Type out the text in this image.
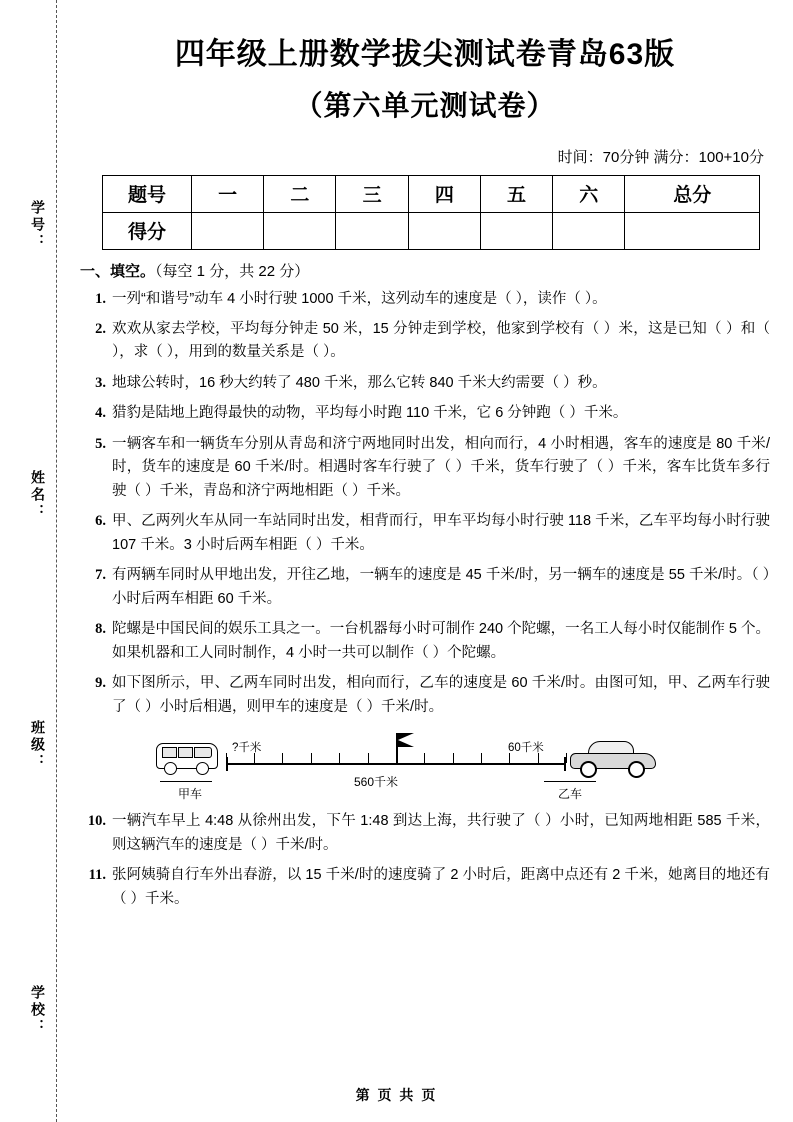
学号：
姓名：
班级：
学校：
四年级上册数学拔尖测试卷青岛63版
（第六单元测试卷）
时间：70分钟 满分：100+10分
题号	一	二	三	四	五	六	总分
得分							
一、填空。（每空 1 分，共 22 分）
1. 一列“和谐号”动车 4 小时行驶 1000 千米，这列动车的速度是（ ），读作（ ）。
2. 欢欢从家去学校，平均每分钟走 50 米，15 分钟走到学校，他家到学校有（ ）米，这是已知（ ）和（ ），求（ ），用到的数量关系是（ ）。
3. 地球公转时，16 秒大约转了 480 千米，那么它转 840 千米大约需要（ ）秒。
4. 猎豹是陆地上跑得最快的动物，平均每小时跑 110 千米，它 6 分钟跑（ ）千米。
5. 一辆客车和一辆货车分别从青岛和济宁两地同时出发，相向而行，4 小时相遇，客车的速度是 80 千米/时，货车的速度是 60 千米/时。相遇时客车行驶了（ ）千米，货车行驶了（ ）千米，客车比货车多行驶（ ）千米，青岛和济宁两地相距（ ）千米。
6. 甲、乙两列火车从同一车站同时出发，相背而行，甲车平均每小时行驶 118 千米，乙车平均每小时行驶 107 千米。3 小时后两车相距（ ）千米。
7. 有两辆车同时从甲地出发，开往乙地，一辆车的速度是 45 千米/时，另一辆车的速度是 55 千米/时。（ ）小时后两车相距 60 千米。
8. 陀螺是中国民间的娱乐工具之一。一台机器每小时可制作 240 个陀螺，一名工人每小时仅能制作 5 个。如果机器和工人同时制作，4 小时一共可以制作（ ）个陀螺。
9. 如下图所示，甲、乙两车同时出发，相向而行，乙车的速度是 60 千米/时。由图可知，甲、乙两车行驶了（ ）小时后相遇，则甲车的速度是（ ）千米/时。
?千米	60千米
560千米
甲车	乙车
10. 一辆汽车早上 4:48 从徐州出发，下午 1:48 到达上海，共行驶了（ ）小时，已知两地相距 585 千米，则这辆汽车的速度是（ ）千米/时。
11. 张阿姨骑自行车外出春游，以 15 千米/时的速度骑了 2 小时后，距离中点还有 2 千米，她离目的地还有（ ）千米。
第 页 共 页
